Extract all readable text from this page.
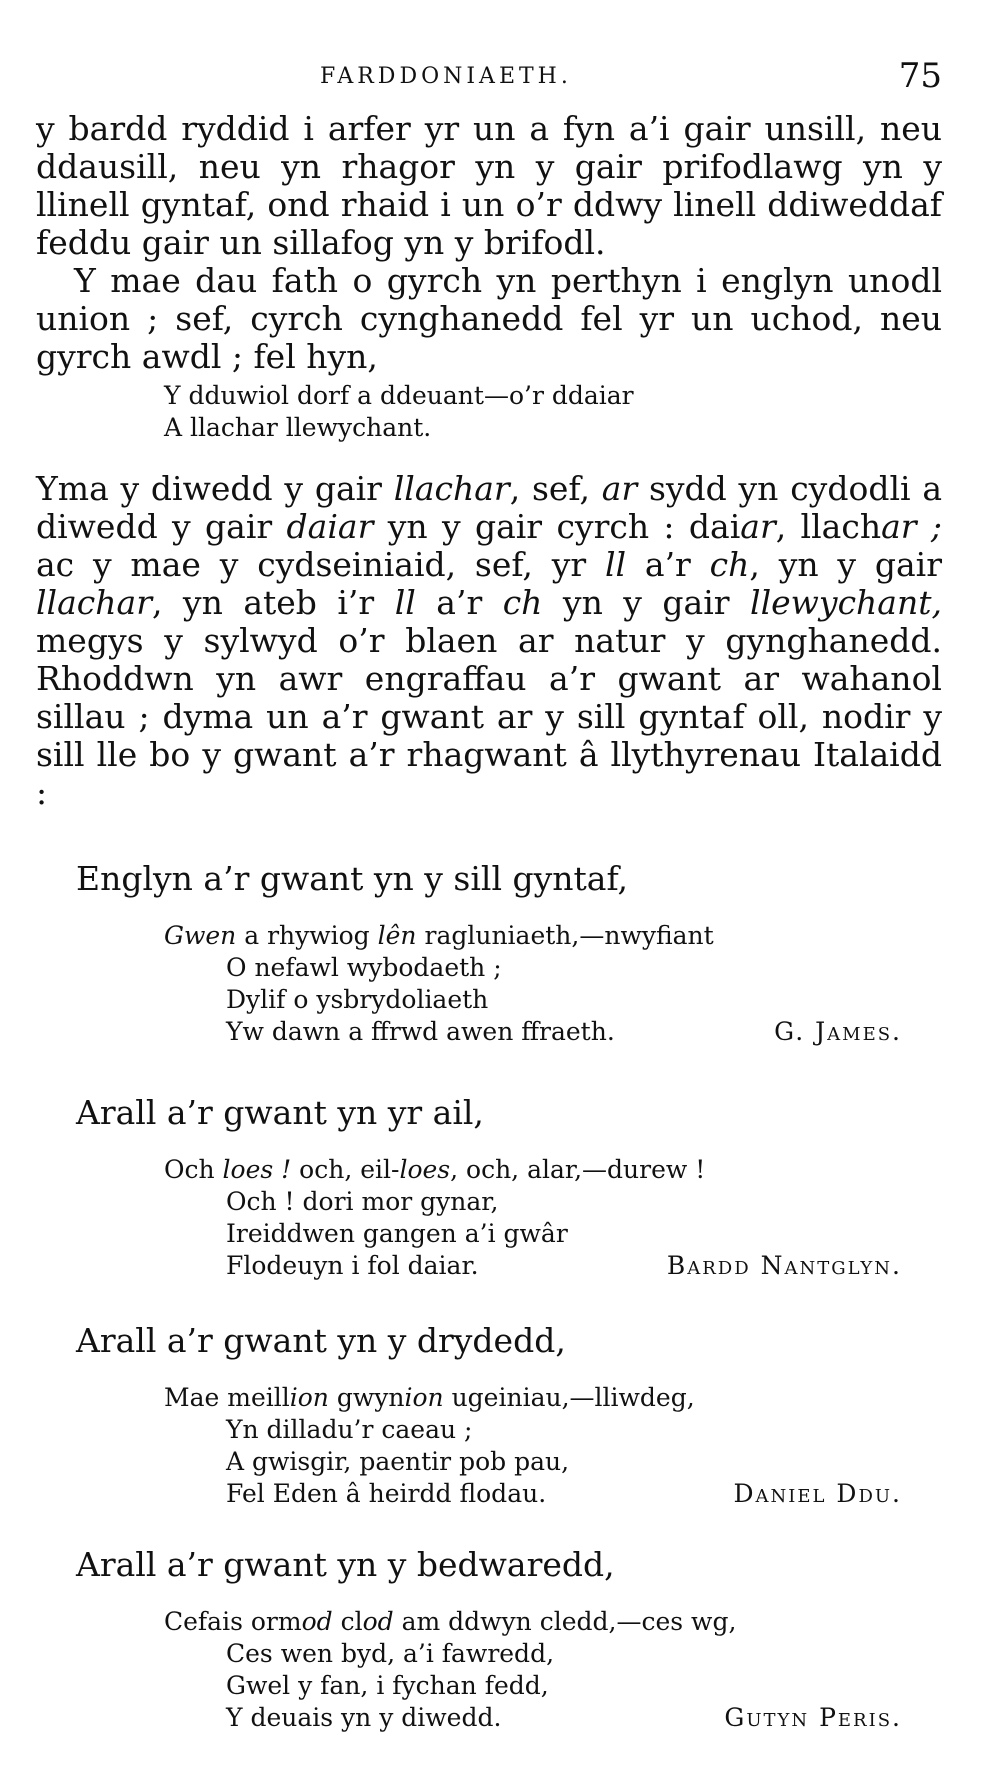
FARDDONIAETH.	75

y bardd ryddid i arfer yr un a fyn a’i gair unsill, neu ddausill, neu yn rhagor yn y gair prifodlawg yn y llinell gyntaf, ond rhaid i un o’r ddwy linell ddiweddaf feddu gair un sillafog yn y brifodl.

Y mae dau fath o gyrch yn perthyn i englyn unodl union ; sef, cyrch cynghanedd fel yr un uchod, neu gyrch awdl ; fel hyn,

Y dduwiol dorf a ddeuant—o’r ddaiar
A llachar llewychant.

Yma y diwedd y gair llachar, sef, ar sydd yn cydodli a diwedd y gair daiar yn y gair cyrch : daiar, llachar ; ac y mae y cydseiniaid, sef, yr ll a’r ch, yn y gair llachar, yn ateb i’r ll a’r ch yn y gair llewychant, megys y sylwyd o’r blaen ar natur y gynghanedd. Rhoddwn yn awr engraffau a’r gwant ar wahanol sillau ; dyma un a’r gwant ar y sill gyntaf oll, nodir y sill lle bo y gwant a’r rhagwant â llythyrenau Italaidd :

Englyn a’r gwant yn y sill gyntaf,
Gwen a rhywiog lên ragluniaeth,—nwyfiant
O nefawl wybodaeth ;
Dylif o ysbrydoliaeth
Yw dawn a ffrwd awen ffraeth.	G. James.
Arall a’r gwant yn yr ail,
Och loes ! och, eil-loes, och, alar,—durew !
Och ! dori mor gynar,
Ireiddwen gangen a’i gwâr
Flodeuyn i fol daiar.	Bardd Nantglyn.
Arall a’r gwant yn y drydedd,
Mae meillion gwynion ugeiniau,—lliwdeg,
Yn dilladu’r caeau ;
A gwisgir, paentir pob pau,
Fel Eden â heirdd flodau.	Daniel Ddu.
Arall a’r gwant yn y bedwaredd,
Cefais ormod clod am ddwyn cledd,—ces wg,
Ces wen byd, a’i fawredd,
Gwel y fan, i fychan fedd,
Y deuais yn y diwedd.	Gutyn Peris.
